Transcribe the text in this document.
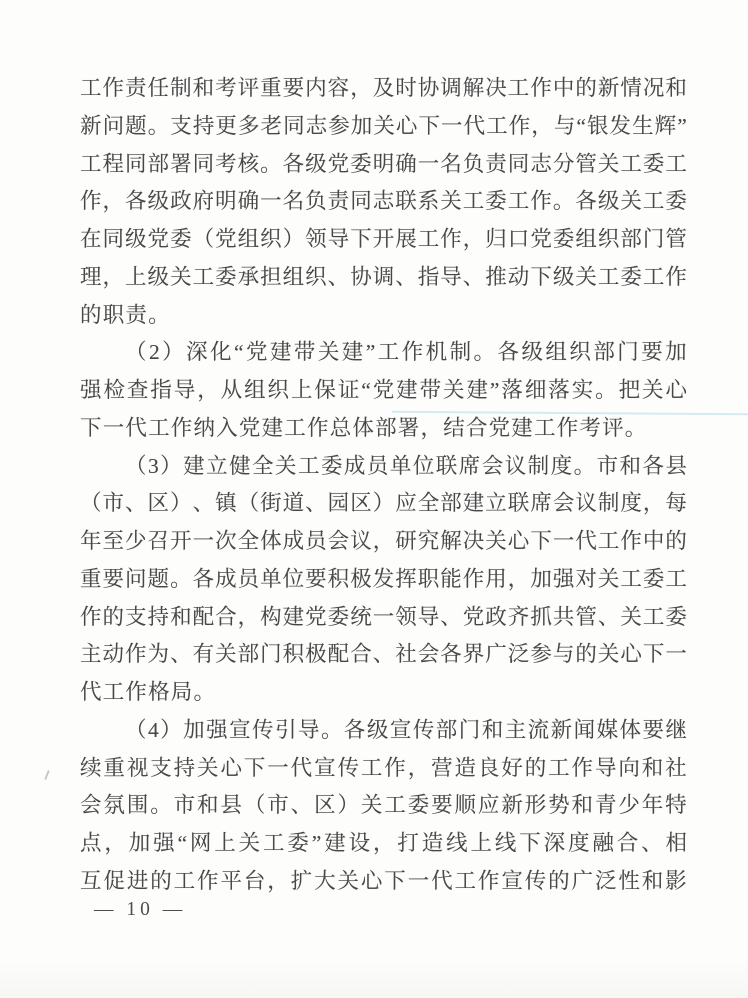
工 作 责 任 制 和 考 评 重 要 内 容 ， 及 时 协 调 解 决 工 作 中 的 新 情 况 和
新 问 题 。 支 持 更 多 老 同 志 参 加 关 心 下 一 代 工 作 ， 与 “ 银 发 生 辉 ”
工 程 同 部 署 同 考 核 。 各 级 党 委 明 确 一 名 负 责 同 志 分 管 关 工 委 工
作 ， 各 级 政 府 明 确 一 名 负 责 同 志 联 系 关 工 委 工 作 。 各 级 关 工 委
在 同 级 党 委 （ 党 组 织 ） 领 导 下 开 展 工 作 ， 归 口 党 委 组 织 部 门 管
理 ， 上 级 关 工 委 承 担 组 织 、 协 调 、 指 导 、 推 动 下 级 关 工 委 工 作
的职责。
（ 2 ） 深 化 “ 党 建 带 关 建 ” 工 作 机 制 。 各 级 组 织 部 门 要 加
强 检 查 指 导 ， 从 组 织 上 保 证 “ 党 建 带 关 建 ” 落 细 落 实 。 把 关 心
下一代工作纳入党建工作总体部署，结合党建工作考评。
（ 3 ） 建 立 健 全 关 工 委 成 员 单 位 联 席 会 议 制 度 。 市 和 各 县
（ 市 、 区 ） 、 镇 （ 街 道 、 园 区 ） 应 全 部 建 立 联 席 会 议 制 度 ， 每
年 至 少 召 开 一 次 全 体 成 员 会 议 ， 研 究 解 决 关 心 下 一 代 工 作 中 的
重 要 问 题 。 各 成 员 单 位 要 积 极 发 挥 职 能 作 用 ， 加 强 对 关 工 委 工
作 的 支 持 和 配 合 ， 构 建 党 委 统 一 领 导 、 党 政 齐 抓 共 管 、 关 工 委
主 动 作 为 、 有 关 部 门 积 极 配 合 、 社 会 各 界 广 泛 参 与 的 关 心 下 一
代工作格局。
（ 4 ） 加 强 宣 传 引 导 。 各 级 宣 传 部 门 和 主 流 新 闻 媒 体 要 继
续 重 视 支 持 关 心 下 一 代 宣 传 工 作 ， 营 造 良 好 的 工 作 导 向 和 社
会 氛 围 。 市 和 县 （ 市 、 区 ） 关 工 委 要 顺 应 新 形 势 和 青 少 年 特
点 ， 加 强 “ 网 上 关 工 委 ” 建 设 ， 打 造 线 上 线 下 深 度 融 合 、 相
互 促 进 的 工 作 平 台 ， 扩 大 关 心 下 一 代 工 作 宣 传 的 广 泛 性 和 影
— 10 —
